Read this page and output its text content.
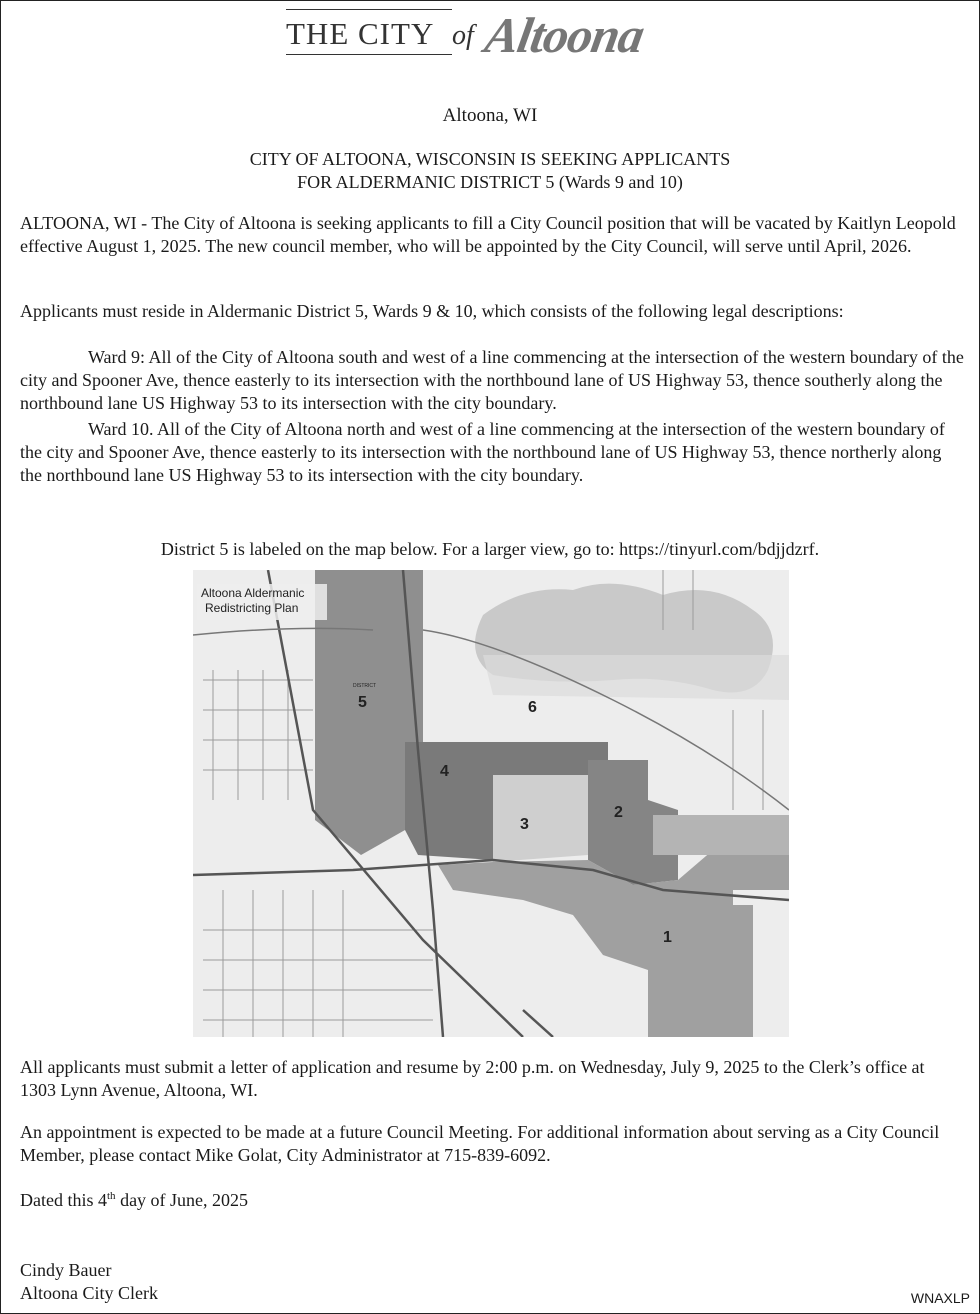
THE CITY of Altoona
Altoona, WI
CITY OF ALTOONA, WISCONSIN IS SEEKING APPLICANTS
FOR ALDERMANIC DISTRICT 5 (Wards 9 and 10)
ALTOONA, WI - The City of Altoona is seeking applicants to fill a City Council position that will be vacated by Kaitlyn Leopold effective August 1, 2025. The new council member, who will be appointed by the City Council, will serve until April, 2026.
Applicants must reside in Aldermanic District 5, Wards 9 & 10, which consists of the following legal descriptions:
Ward 9: All of the City of Altoona south and west of a line commencing at the intersection of the western boundary of the city and Spooner Ave, thence easterly to its intersection with the northbound lane of US Highway 53, thence southerly along the northbound lane US Highway 53 to its intersection with the city boundary.
Ward 10. All of the City of Altoona north and west of a line commencing at the intersection of the western boundary of the city and Spooner Ave, thence easterly to its intersection with the northbound lane of US Highway 53, thence northerly along the northbound lane US Highway 53 to its intersection with the city boundary.
District 5 is labeled on the map below. For a larger view, go to: https://tinyurl.com/bdjjdzrf.
Altoona Aldermanic
Redistricting Plan
DISTRICT
5	6
4
3
2
1
All applicants must submit a letter of application and resume by 2:00 p.m. on Wednesday, July 9, 2025 to the Clerk’s office at 1303 Lynn Avenue, Altoona, WI.
An appointment is expected to be made at a future Council Meeting. For additional information about serving as a City Council Member, please contact Mike Golat, City Administrator at 715-839-6092.
Dated this 4th day of June, 2025
Cindy Bauer
Altoona City Clerk	WNAXLP
